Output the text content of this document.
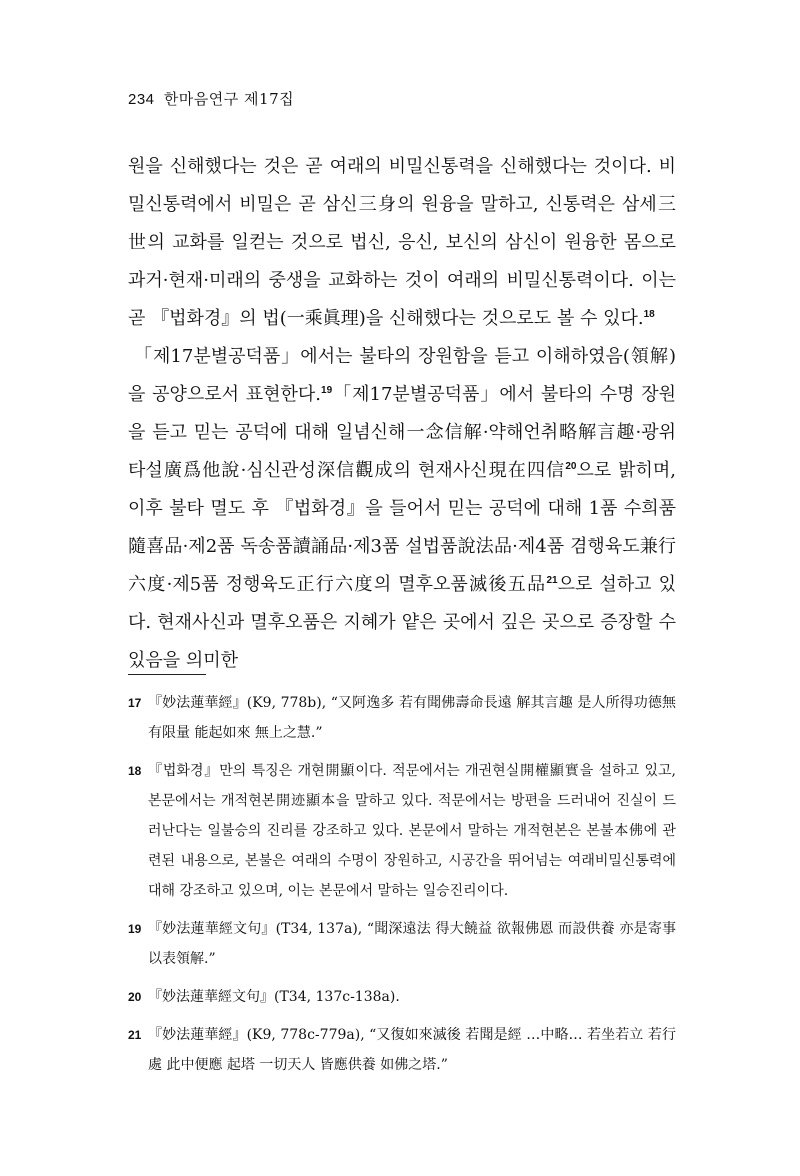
234 한마음연구 제17집

원을 신해했다는 것은 곧 여래의 비밀신통력을 신해했다는 것이다. 비밀신통력에서 비밀은 곧 삼신三身의 원융을 말하고, 신통력은 삼세三世의 교화를 일컫는 것으로 법신, 응신, 보신의 삼신이 원융한 몸으로 과거·현재·미래의 중생을 교화하는 것이 여래의 비밀신통력이다. 이는 곧 『법화경』의 법(一乘眞理)을 신해했다는 것으로도 볼 수 있다.$^{18}$

「제17분별공덕품」에서는 불타의 장원함을 듣고 이해하였음(領解)을 공양으로서 표현한다.$^{19}$「제17분별공덕품」에서 불타의 수명 장원을 듣고 믿는 공덕에 대해 일념신해一念信解·약해언취略解言趣·광위타설廣爲他說·심신관성深信觀成의 현재사신現在四信$^{20}$으로 밝히며, 이후 불타 멸도 후 『법화경』을 들어서 믿는 공덕에 대해 1품 수희품隨喜品·제2품 독송품讀誦品·제3품 설법품說法品·제4품 겸행육도兼行六度·제5품 정행육도正行六度의 멸후오품滅後五品$^{21}$으로 설하고 있다. 현재사신과 멸후오품은 지혜가 얕은 곳에서 깊은 곳으로 증장할 수 있음을 의미한

17 『妙法蓮華經』(K9, 778b), “又阿逸多 若有聞佛壽命長遠 解其言趣 是人所得功德無有限量 能起如來 無上之慧.”
18 『법화경』만의 특징은 개현開顯이다. 적문에서는 개권현실開權顯實을 설하고 있고, 본문에서는 개적현본開迹顯本을 말하고 있다. 적문에서는 방편을 드러내어 진실이 드러난다는 일불승의 진리를 강조하고 있다. 본문에서 말하는 개적현본은 본불本佛에 관련된 내용으로, 본불은 여래의 수명이 장원하고, 시공간을 뛰어넘는 여래비밀신통력에 대해 강조하고 있으며, 이는 본문에서 말하는 일승진리이다.
19 『妙法蓮華經文句』(T34, 137a), “聞深遠法 得大饒益 欲報佛恩 而設供養 亦是寄事以表領解.”
20 『妙法蓮華經文句』(T34, 137c-138a).
21 『妙法蓮華經』(K9, 778c-779a), “又復如來滅後 若聞是經 …中略… 若坐若立 若行處 此中便應 起塔 一切天人 皆應供養 如佛之塔.”
